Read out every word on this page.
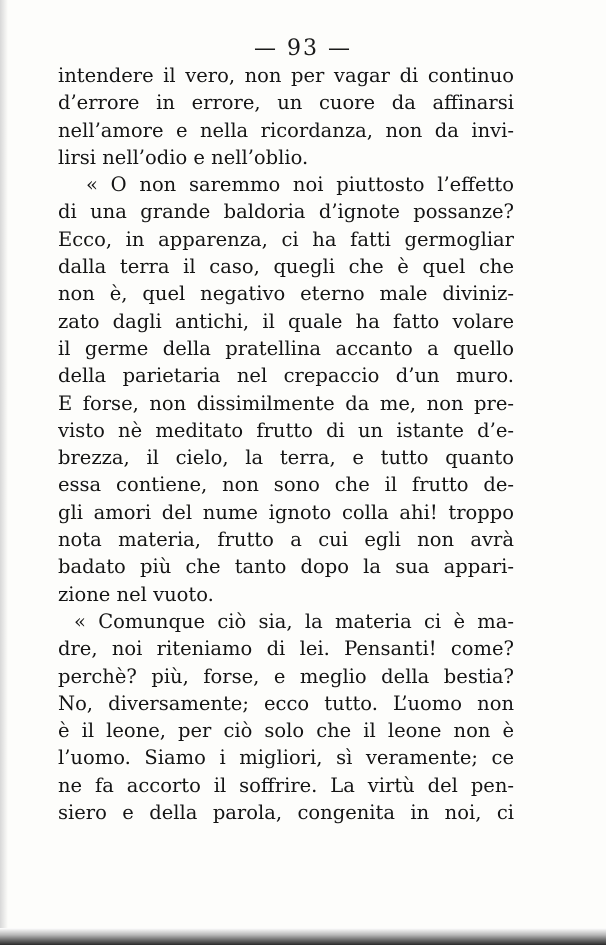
— 93 —
intendere il vero, non per vagar di continuo
d’errore in errore, un cuore da affinarsi
nell’amore e nella ricordanza, non da invi-
lirsi nell’odio e nell’oblio.
« O non saremmo noi piuttosto l’effetto
di una grande baldoria d’ignote possanze?
Ecco, in apparenza, ci ha fatti germogliar
dalla terra il caso, quegli che è quel che
non è, quel negativo eterno male diviniz-
zato dagli antichi, il quale ha fatto volare
il germe della pratellina accanto a quello
della parietaria nel crepaccio d’un muro.
E forse, non dissimilmente da me, non pre-
visto nè meditato frutto di un istante d’e-
brezza, il cielo, la terra, e tutto quanto
essa contiene, non sono che il frutto de-
gli amori del nume ignoto colla ahi! troppo
nota materia, frutto a cui egli non avrà
badato più che tanto dopo la sua appari-
zione nel vuoto.
« Comunque ciò sia, la materia ci è ma-
dre, noi riteniamo di lei. Pensanti! come?
perchè? più, forse, e meglio della bestia?
No, diversamente; ecco tutto. L’uomo non
è il leone, per ciò solo che il leone non è
l’uomo. Siamo i migliori, sì veramente; ce
ne fa accorto il soffrire. La virtù del pen-
siero e della parola, congenita in noi, ci
